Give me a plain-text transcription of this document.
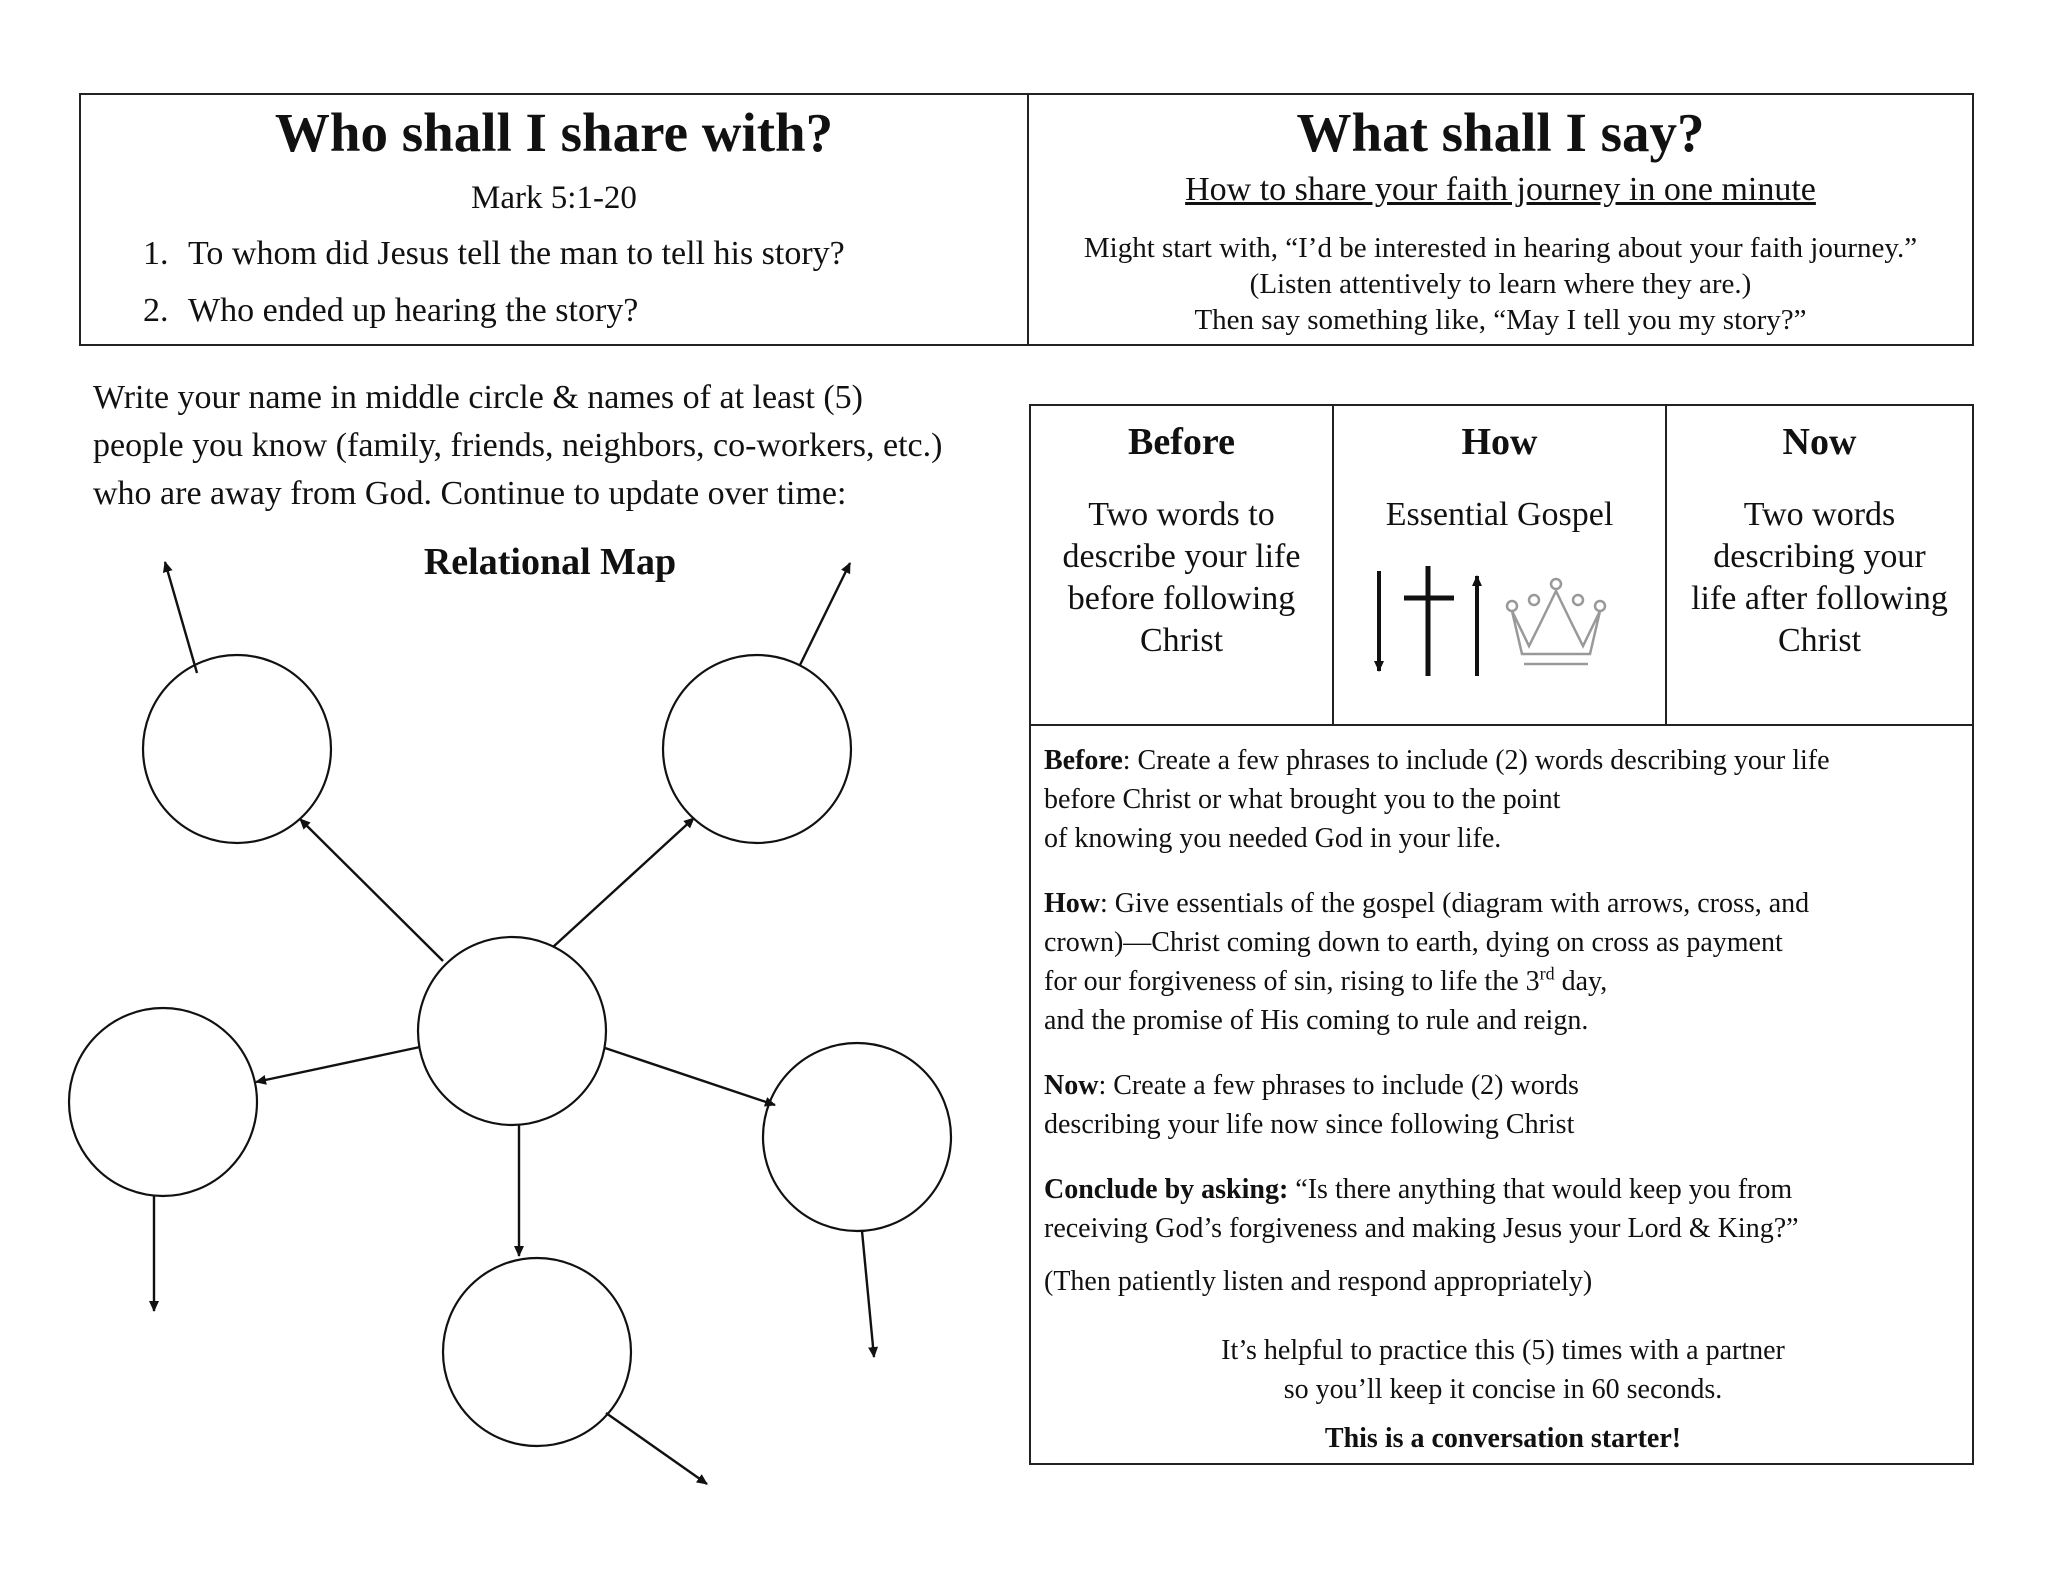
Who shall I share with?
Mark 5:1-20
1. To whom did Jesus tell the man to tell his story?
2. Who ended up hearing the story?
What shall I say?
How to share your faith journey in one minute
Might start with, “I’d be interested in hearing about your faith journey.”
(Listen attentively to learn where they are.)
Then say something like, “May I tell you my story?”
Write your name in middle circle & names of at least (5)
people you know (family, friends, neighbors, co-workers, etc.)
who are away from God. Continue to update over time:
Relational Map
Before
Two words to
describe your life
before following
Christ
How
Essential Gospel
Now
Two words
describing your
life after following
Christ

Before: Create a few phrases to include (2) words describing your life
before Christ or what brought you to the point
of knowing you needed God in your life.

How: Give essentials of the gospel (diagram with arrows, cross, and
crown)—Christ coming down to earth, dying on cross as payment
for our forgiveness of sin, rising to life the 3rd day,
and the promise of His coming to rule and reign.

Now: Create a few phrases to include (2) words
describing your life now since following Christ

Conclude by asking: “Is there anything that would keep you from
receiving God’s forgiveness and making Jesus your Lord & King?”

(Then patiently listen and respond appropriately)

It’s helpful to practice this (5) times with a partner
so you’ll keep it concise in 60 seconds.

This is a conversation starter!
